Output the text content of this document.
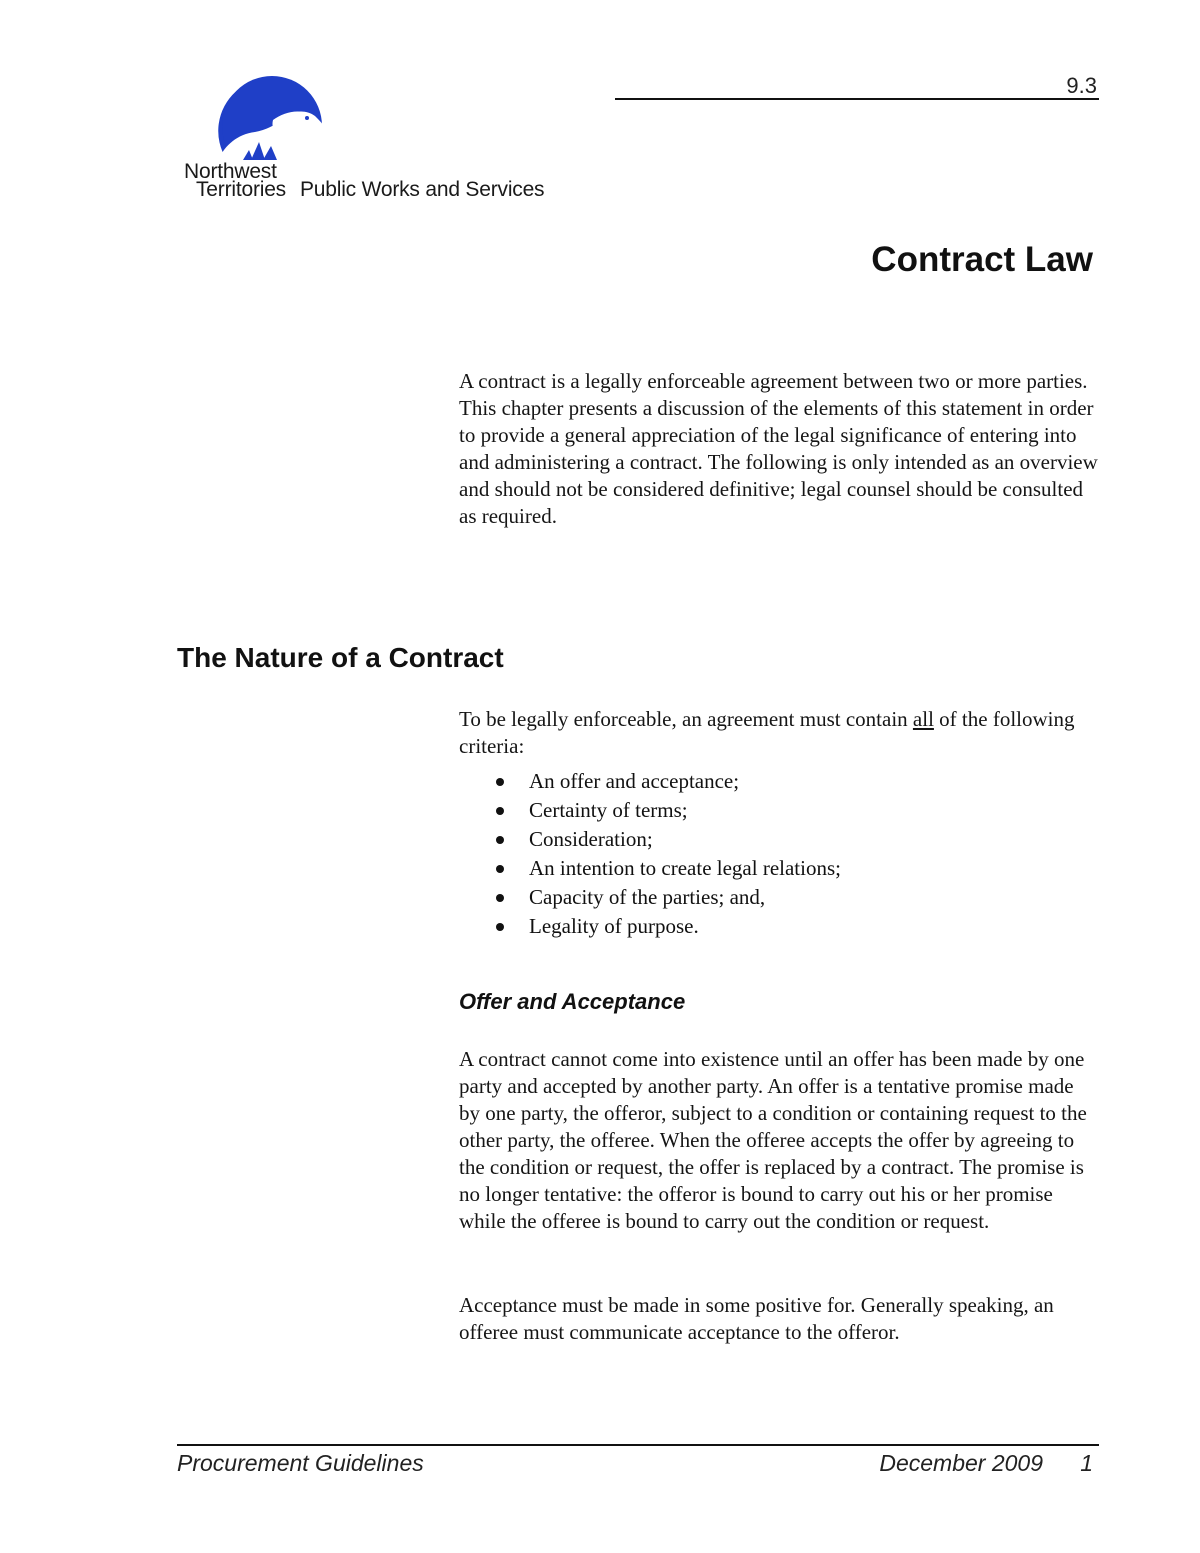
Northwest
Territories Public Works and Services
9.3
Contract Law

A contract is a legally enforceable agreement between two or more parties. This chapter presents a discussion of the elements of this statement in order to provide a general appreciation of the legal significance of entering into and administering a contract. The following is only intended as an overview and should not be considered definitive; legal counsel should be consulted as required.

The Nature of a Contract

To be legally enforceable, an agreement must contain all of the following criteria:

An offer and acceptance;
Certainty of terms;
Consideration;
An intention to create legal relations;
Capacity of the parties; and,
Legality of purpose.
Offer and Acceptance

A contract cannot come into existence until an offer has been made by one party and accepted by another party. An offer is a tentative promise made by one party, the offeror, subject to a condition or containing request to the other party, the offeree. When the offeree accepts the offer by agreeing to the condition or request, the offer is replaced by a contract. The promise is no longer tentative: the offeror is bound to carry out his or her promise while the offeree is bound to carry out the condition or request.

Acceptance must be made in some positive for. Generally speaking, an offeree must communicate acceptance to the offeror.

Procurement Guidelines	December 2009 1
